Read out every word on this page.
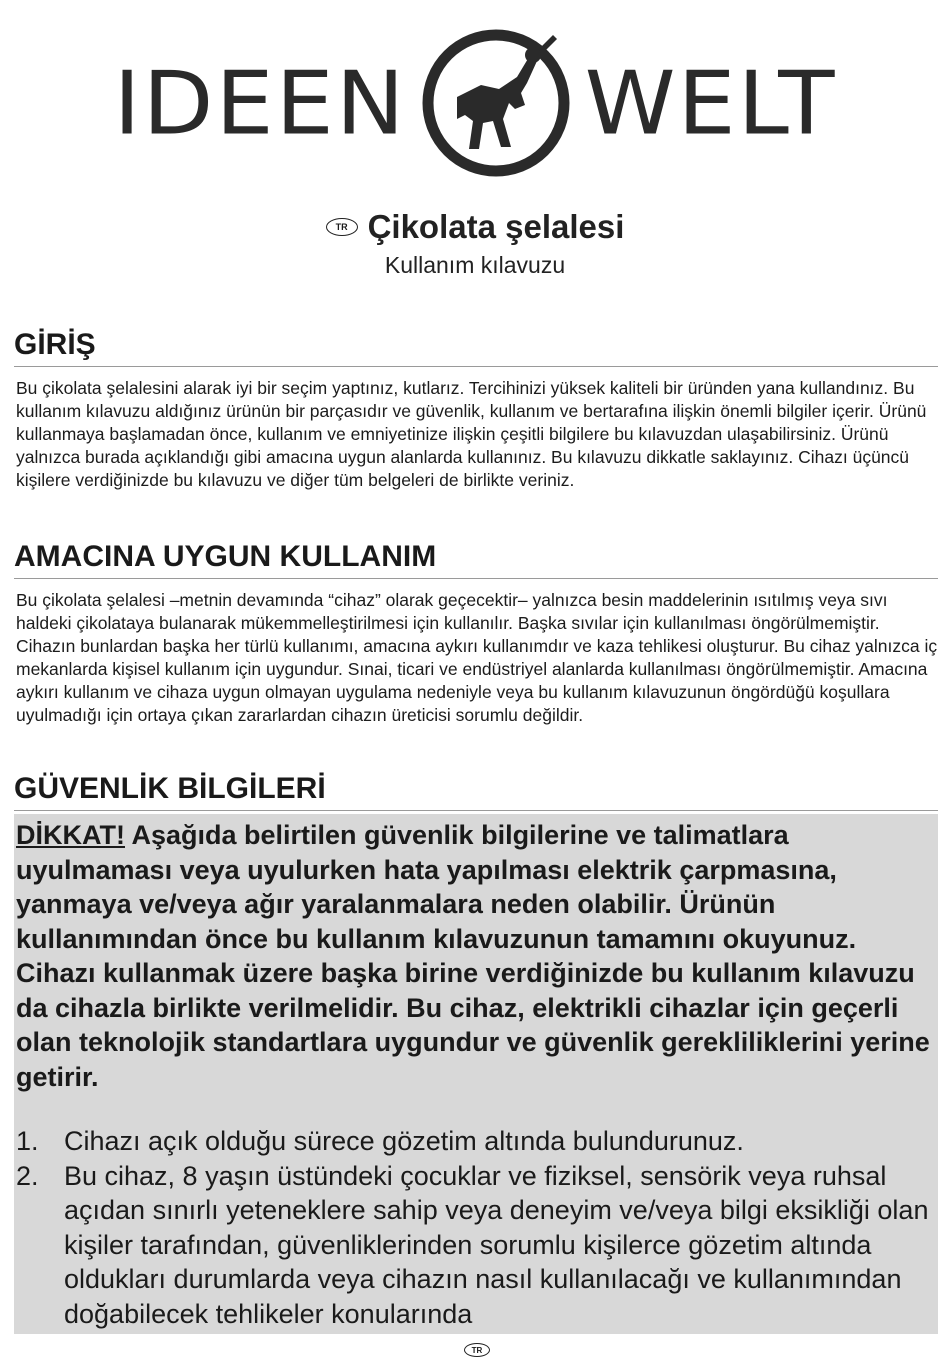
IDEEN WELT
TR Çikolata şelalesi
Kullanım kılavuzu
GİRİŞ

Bu çikolata şelalesini alarak iyi bir seçim yaptınız, kutlarız. Tercihinizi yüksek kaliteli bir üründen yana kullandınız. Bu kullanım kılavuzu aldığınız ürünün bir parçasıdır ve güvenlik, kullanım ve bertarafına ilişkin önemli bilgiler içerir. Ürünü kullanmaya başlamadan önce, kullanım ve emniyetinize ilişkin çeşitli bilgilere bu kılavuzdan ulaşabilirsiniz. Ürünü yalnızca burada açıklandığı gibi amacına uygun alanlarda kullanınız. Bu kılavuzu dikkatle saklayınız. Cihazı üçüncü kişilere verdiğinizde bu kılavuzu ve diğer tüm belgeleri de birlikte veriniz.

AMACINA UYGUN KULLANIM

Bu çikolata şelalesi –metnin devamında “cihaz” olarak geçecektir– yalnızca besin maddelerinin ısıtılmış veya sıvı haldeki çikolataya bulanarak mükemmelleştirilmesi için kullanılır. Başka sıvılar için kullanılması öngörülmemiştir. Cihazın bunlardan başka her türlü kullanımı, amacına aykırı kullanımdır ve kaza tehlikesi oluşturur. Bu cihaz yalnızca iç mekanlarda kişisel kullanım için uygundur. Sınai, ticari ve endüstriyel alanlarda kullanılması öngörülmemiştir. Amacına aykırı kullanım ve cihaza uygun olmayan uygulama nedeniyle veya bu kullanım kılavuzunun öngördüğü koşullara uyulmadığı için ortaya çıkan zararlardan cihazın üreticisi sorumlu değildir.

GÜVENLİK BİLGİLERİ

DİKKAT! Aşağıda belirtilen güvenlik bilgilerine ve talimatlara uyulmaması veya uyulurken hata yapılması elektrik çarpmasına, yanmaya ve/veya ağır yaralanmalara neden olabilir. Ürünün kullanımından önce bu kullanım kılavuzunun tamamını okuyunuz. Cihazı kullanmak üzere başka birine verdiğinizde bu kullanım kılavuzu da cihazla birlikte verilmelidir. Bu cihaz, elektrikli cihazlar için geçerli olan teknolojik standartlara uygundur ve güvenlik gerekliliklerini yerine getirir.

1. Cihazı açık olduğu sürece gözetim altında bulundurunuz.
2. Bu cihaz, 8 yaşın üstündeki çocuklar ve fiziksel, sensörik veya ruhsal açıdan sınırlı yeteneklere sahip veya deneyim ve/veya bilgi eksikliği olan kişiler tarafından, güvenliklerinden sorumlu kişilerce gözetim altında oldukları durumlarda veya cihazın nasıl kullanılacağı ve kullanımından doğabilecek tehlikeler konularında
TR
